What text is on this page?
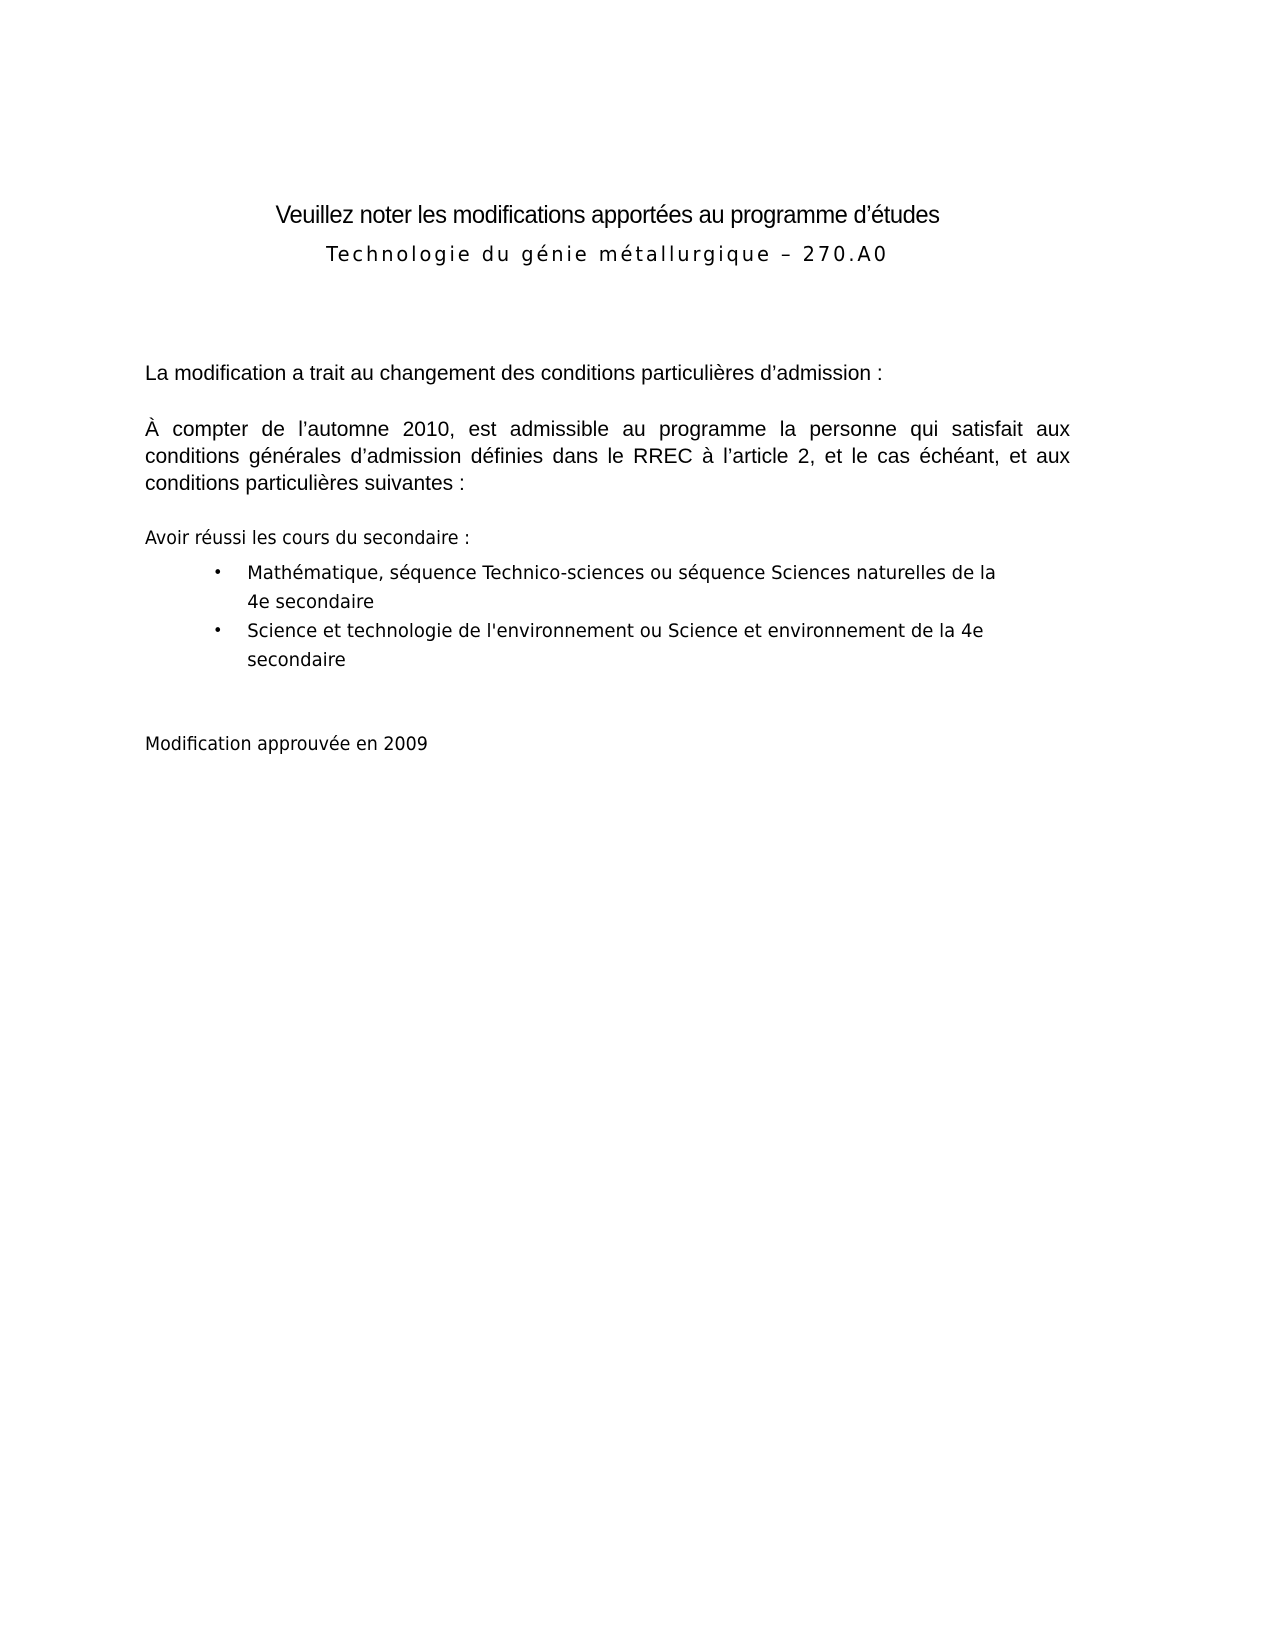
Veuillez noter les modifications apportées au programme d’études
Technologie du génie métallurgique – 270.A0

La modification a trait au changement des conditions particulières d’admission :

À compter de l’automne 2010, est admissible au programme la personne qui satisfait aux conditions générales d’admission définies dans le RREC à l’article 2, et le cas échéant, et aux conditions particulières suivantes :

Avoir réussi les cours du secondaire :

•	Mathématique, séquence Technico-sciences ou séquence Sciences naturelles de la 4e secondaire
•	Science et technologie de l'environnement ou Science et environnement de la 4e secondaire

Modification approuvée en 2009
